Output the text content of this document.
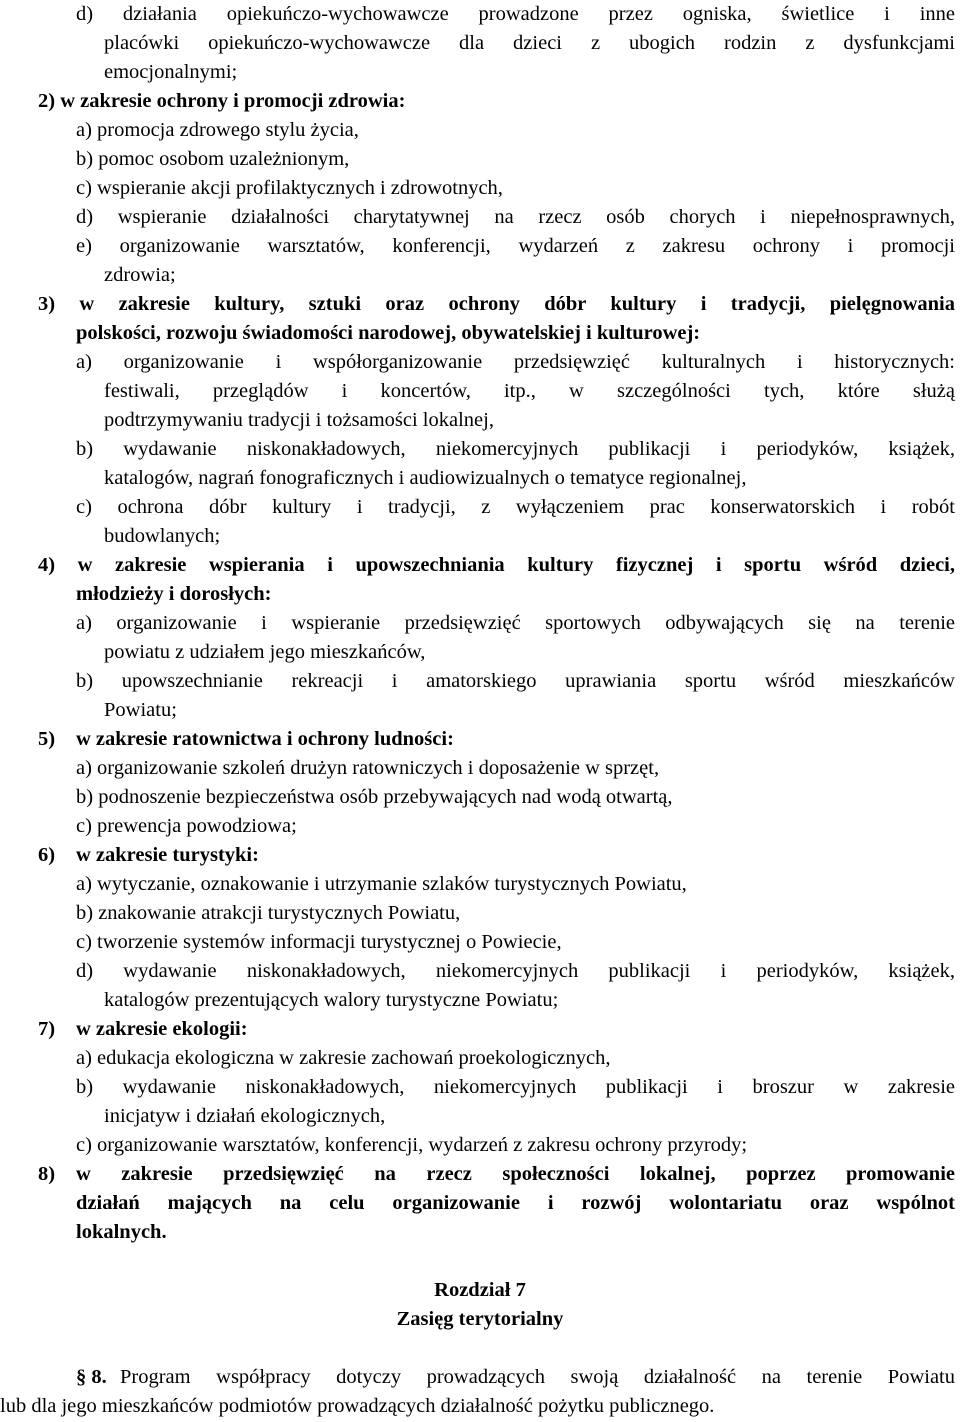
d) działania opiekuńczo-wychowawcze prowadzone przez ogniska, świetlice i inne
placówki opiekuńczo-wychowawcze dla dzieci z ubogich rodzin z dysfunkcjami
emocjonalnymi;
2) w zakresie ochrony i promocji zdrowia:
a) promocja zdrowego stylu życia,
b) pomoc osobom uzależnionym,
c) wspieranie akcji profilaktycznych i zdrowotnych,
d) wspieranie działalności charytatywnej na rzecz osób chorych i niepełnosprawnych,
e) organizowanie warsztatów, konferencji, wydarzeń z zakresu ochrony i promocji
zdrowia;
3) w zakresie kultury, sztuki oraz ochrony dóbr kultury i tradycji, pielęgnowania
polskości, rozwoju świadomości narodowej, obywatelskiej i kulturowej:
a) organizowanie i współorganizowanie przedsięwzięć kulturalnych i historycznych:
festiwali, przeglądów i koncertów, itp., w szczególności tych, które służą
podtrzymywaniu tradycji i tożsamości lokalnej,
b) wydawanie niskonakładowych, niekomercyjnych publikacji i periodyków, książek,
katalogów, nagrań fonograficznych i audiowizualnych o tematyce regionalnej,
c) ochrona dóbr kultury i tradycji, z wyłączeniem prac konserwatorskich i robót
budowlanych;
4) w zakresie wspierania i upowszechniania kultury fizycznej i sportu wśród dzieci,
młodzieży i dorosłych:
a) organizowanie i wspieranie przedsięwzięć sportowych odbywających się na terenie
powiatu z udziałem jego mieszkańców,
b) upowszechnianie rekreacji i amatorskiego uprawiania sportu wśród mieszkańców
Powiatu;
5) w zakresie ratownictwa i ochrony ludności:
a) organizowanie szkoleń drużyn ratowniczych i doposażenie w sprzęt,
b) podnoszenie bezpieczeństwa osób przebywających nad wodą otwartą,
c) prewencja powodziowa;
6) w zakresie turystyki:
a) wytyczanie, oznakowanie i utrzymanie szlaków turystycznych Powiatu,
b) znakowanie atrakcji turystycznych Powiatu,
c) tworzenie systemów informacji turystycznej o Powiecie,
d) wydawanie niskonakładowych, niekomercyjnych publikacji i periodyków, książek,
katalogów prezentujących walory turystyczne Powiatu;
7) w zakresie ekologii:
a) edukacja ekologiczna w zakresie zachowań proekologicznych,
b) wydawanie niskonakładowych, niekomercyjnych publikacji i broszur w zakresie
inicjatyw i działań ekologicznych,
c) organizowanie warsztatów, konferencji, wydarzeń z zakresu ochrony przyrody;
8) w zakresie przedsięwzięć na rzecz społeczności lokalnej, poprzez promowanie
działań mających na celu organizowanie i rozwój wolontariatu oraz wspólnot
lokalnych.
Rozdział 7
Zasięg terytorialny
§ 8. Program współpracy dotyczy prowadzących swoją działalność na terenie Powiatu
lub dla jego mieszkańców podmiotów prowadzących działalność pożytku publicznego.
